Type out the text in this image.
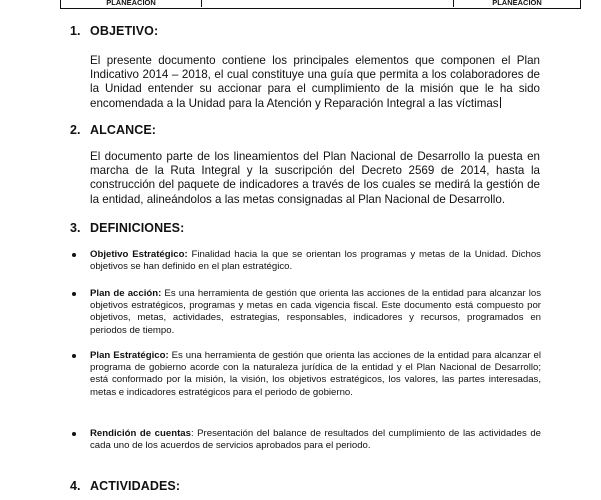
PLANEACION	PLANEACION
1. OBJETIVO:

El presente documento contiene los principales elementos que componen el Plan Indicativo 2014 – 2018, el cual constituye una guía que permita a los colaboradores de la Unidad entender su accionar para el cumplimiento de la misión que le ha sido encomendada a la Unidad para la Atención y Reparación Integral a las víctimas

2. ALCANCE:

El documento parte de los lineamientos del Plan Nacional de Desarrollo la puesta en marcha de la Ruta Integral y la suscripción del Decreto 2569 de 2014, hasta la construcción del paquete de indicadores a través de los cuales se medirá la gestión de la entidad, alineándolos a las metas consignadas al Plan Nacional de Desarrollo.

3. DEFINICIONES:

Objetivo Estratégico: Finalidad hacia la que se orientan los programas y metas de la Unidad. Dichos objetivos se han definido en el plan estratégico.

Plan de acción: Es una herramienta de gestión que orienta las acciones de la entidad para alcanzar los objetivos estratégicos, programas y metas en cada vigencia fiscal. Este documento está compuesto por objetivos, metas, actividades, estrategias, responsables, indicadores y recursos, programados en periodos de tiempo.

Plan Estratégico: Es una herramienta de gestión que orienta las acciones de la entidad para alcanzar el programa de gobierno acorde con la naturaleza jurídica de la entidad y el Plan Nacional de Desarrollo; está conformado por la misión, la visión, los objetivos estratégicos, los valores, las partes interesadas, metas e indicadores estratégicos para el periodo de gobierno.

Rendición de cuentas: Presentación del balance de resultados del cumplimiento de las actividades de cada uno de los acuerdos de servicios aprobados para el periodo.

4. ACTIVIDADES:
